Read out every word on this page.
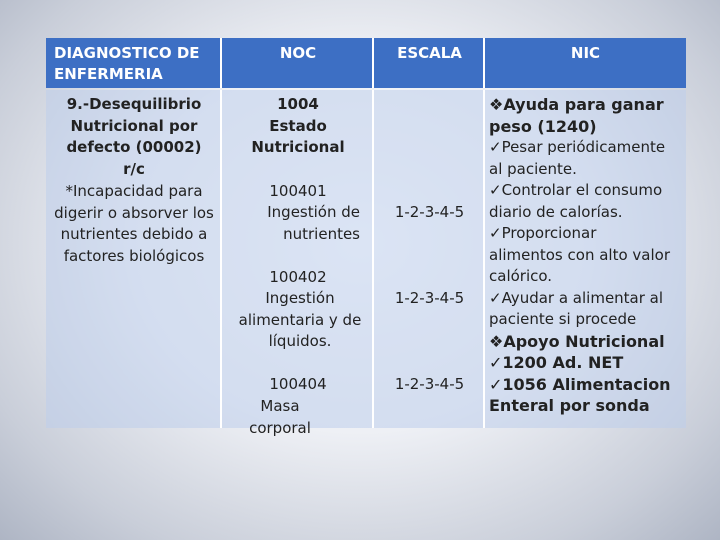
DIAGNOSTICO DE ENFERMERIA
NOC	ESCALA	NIC
9.-Desequilibrio Nutricional por defecto (00002)
r/c
*Incapacidad para digerir o absorver los nutrientes debido a factores biológicos
1004
Estado
Nutricional
100401
Ingestión de nutrientes
100402
Ingestión alimentaria y de líquidos.
100404
Masa corporal
1-2-3-4-5
1-2-3-4-5
1-2-3-4-5
❖Ayuda para ganar
peso (1240)
✓Pesar periódicamente
al paciente.
✓Controlar el consumo
diario de calorías.
✓Proporcionar
alimentos con alto valor
calórico.
✓Ayudar a alimentar al
paciente si procede
❖Apoyo Nutricional
✓1200 Ad. NET
✓1056 Alimentacion
Enteral por sonda
